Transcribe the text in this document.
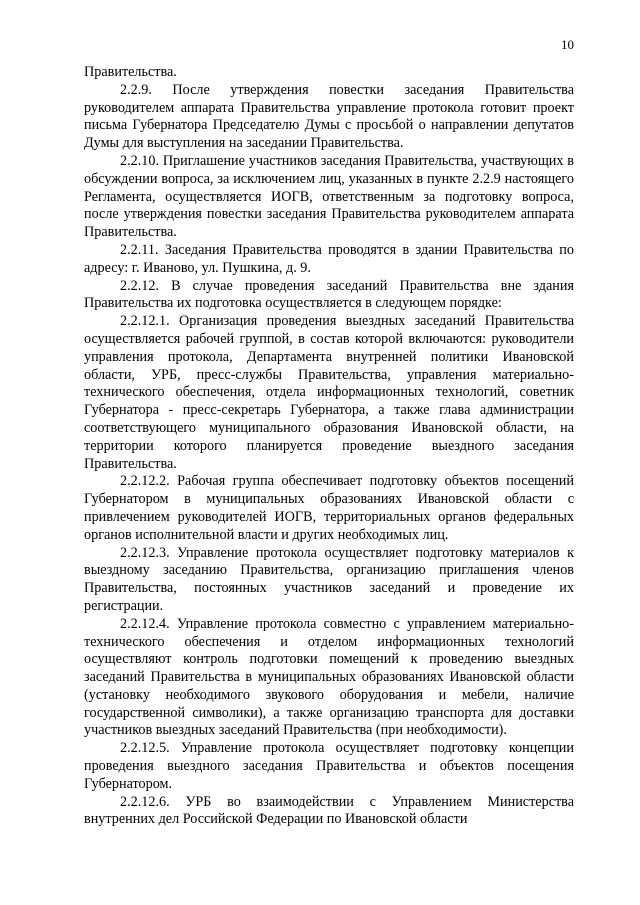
10

Правительства.

2.2.9. После утверждения повестки заседания Правительства руководителем аппарата Правительства управление протокола готовит проект письма Губернатора Председателю Думы с просьбой о направлении депутатов Думы для выступления на заседании Правительства.

2.2.10. Приглашение участников заседания Правительства, участвующих в обсуждении вопроса, за исключением лиц, указанных в пункте 2.2.9 настоящего Регламента, осуществляется ИОГВ, ответственным за подготовку вопроса, после утверждения повестки заседания Правительства руководителем аппарата Правительства.

2.2.11. Заседания Правительства проводятся в здании Правительства по адресу: г. Иваново, ул. Пушкина, д. 9.

2.2.12. В случае проведения заседаний Правительства вне здания Правительства их подготовка осуществляется в следующем порядке:

2.2.12.1. Организация проведения выездных заседаний Правительства осуществляется рабочей группой, в состав которой включаются: руководители управления протокола, Департамента внутренней политики Ивановской области, УРБ, пресс-службы Правительства, управления материально-технического обеспечения, отдела информационных технологий, советник Губернатора - пресс-секретарь Губернатора, а также глава администрации соответствующего муниципального образования Ивановской области, на территории которого планируется проведение выездного заседания Правительства.

2.2.12.2. Рабочая группа обеспечивает подготовку объектов посещений Губернатором в муниципальных образованиях Ивановской области с привлечением руководителей ИОГВ, территориальных органов федеральных органов исполнительной власти и других необходимых лиц.

2.2.12.3. Управление протокола осуществляет подготовку материалов к выездному заседанию Правительства, организацию приглашения членов Правительства, постоянных участников заседаний и проведение их регистрации.

2.2.12.4. Управление протокола совместно с управлением материально-технического обеспечения и отделом информационных технологий осуществляют контроль подготовки помещений к проведению выездных заседаний Правительства в муниципальных образованиях Ивановской области (установку необходимого звукового оборудования и мебели, наличие государственной символики), а также организацию транспорта для доставки участников выездных заседаний Правительства (при необходимости).

2.2.12.5. Управление протокола осуществляет подготовку концепции проведения выездного заседания Правительства и объектов посещения Губернатором.

2.2.12.6. УРБ во взаимодействии с Управлением Министерства внутренних дел Российской Федерации по Ивановской области
